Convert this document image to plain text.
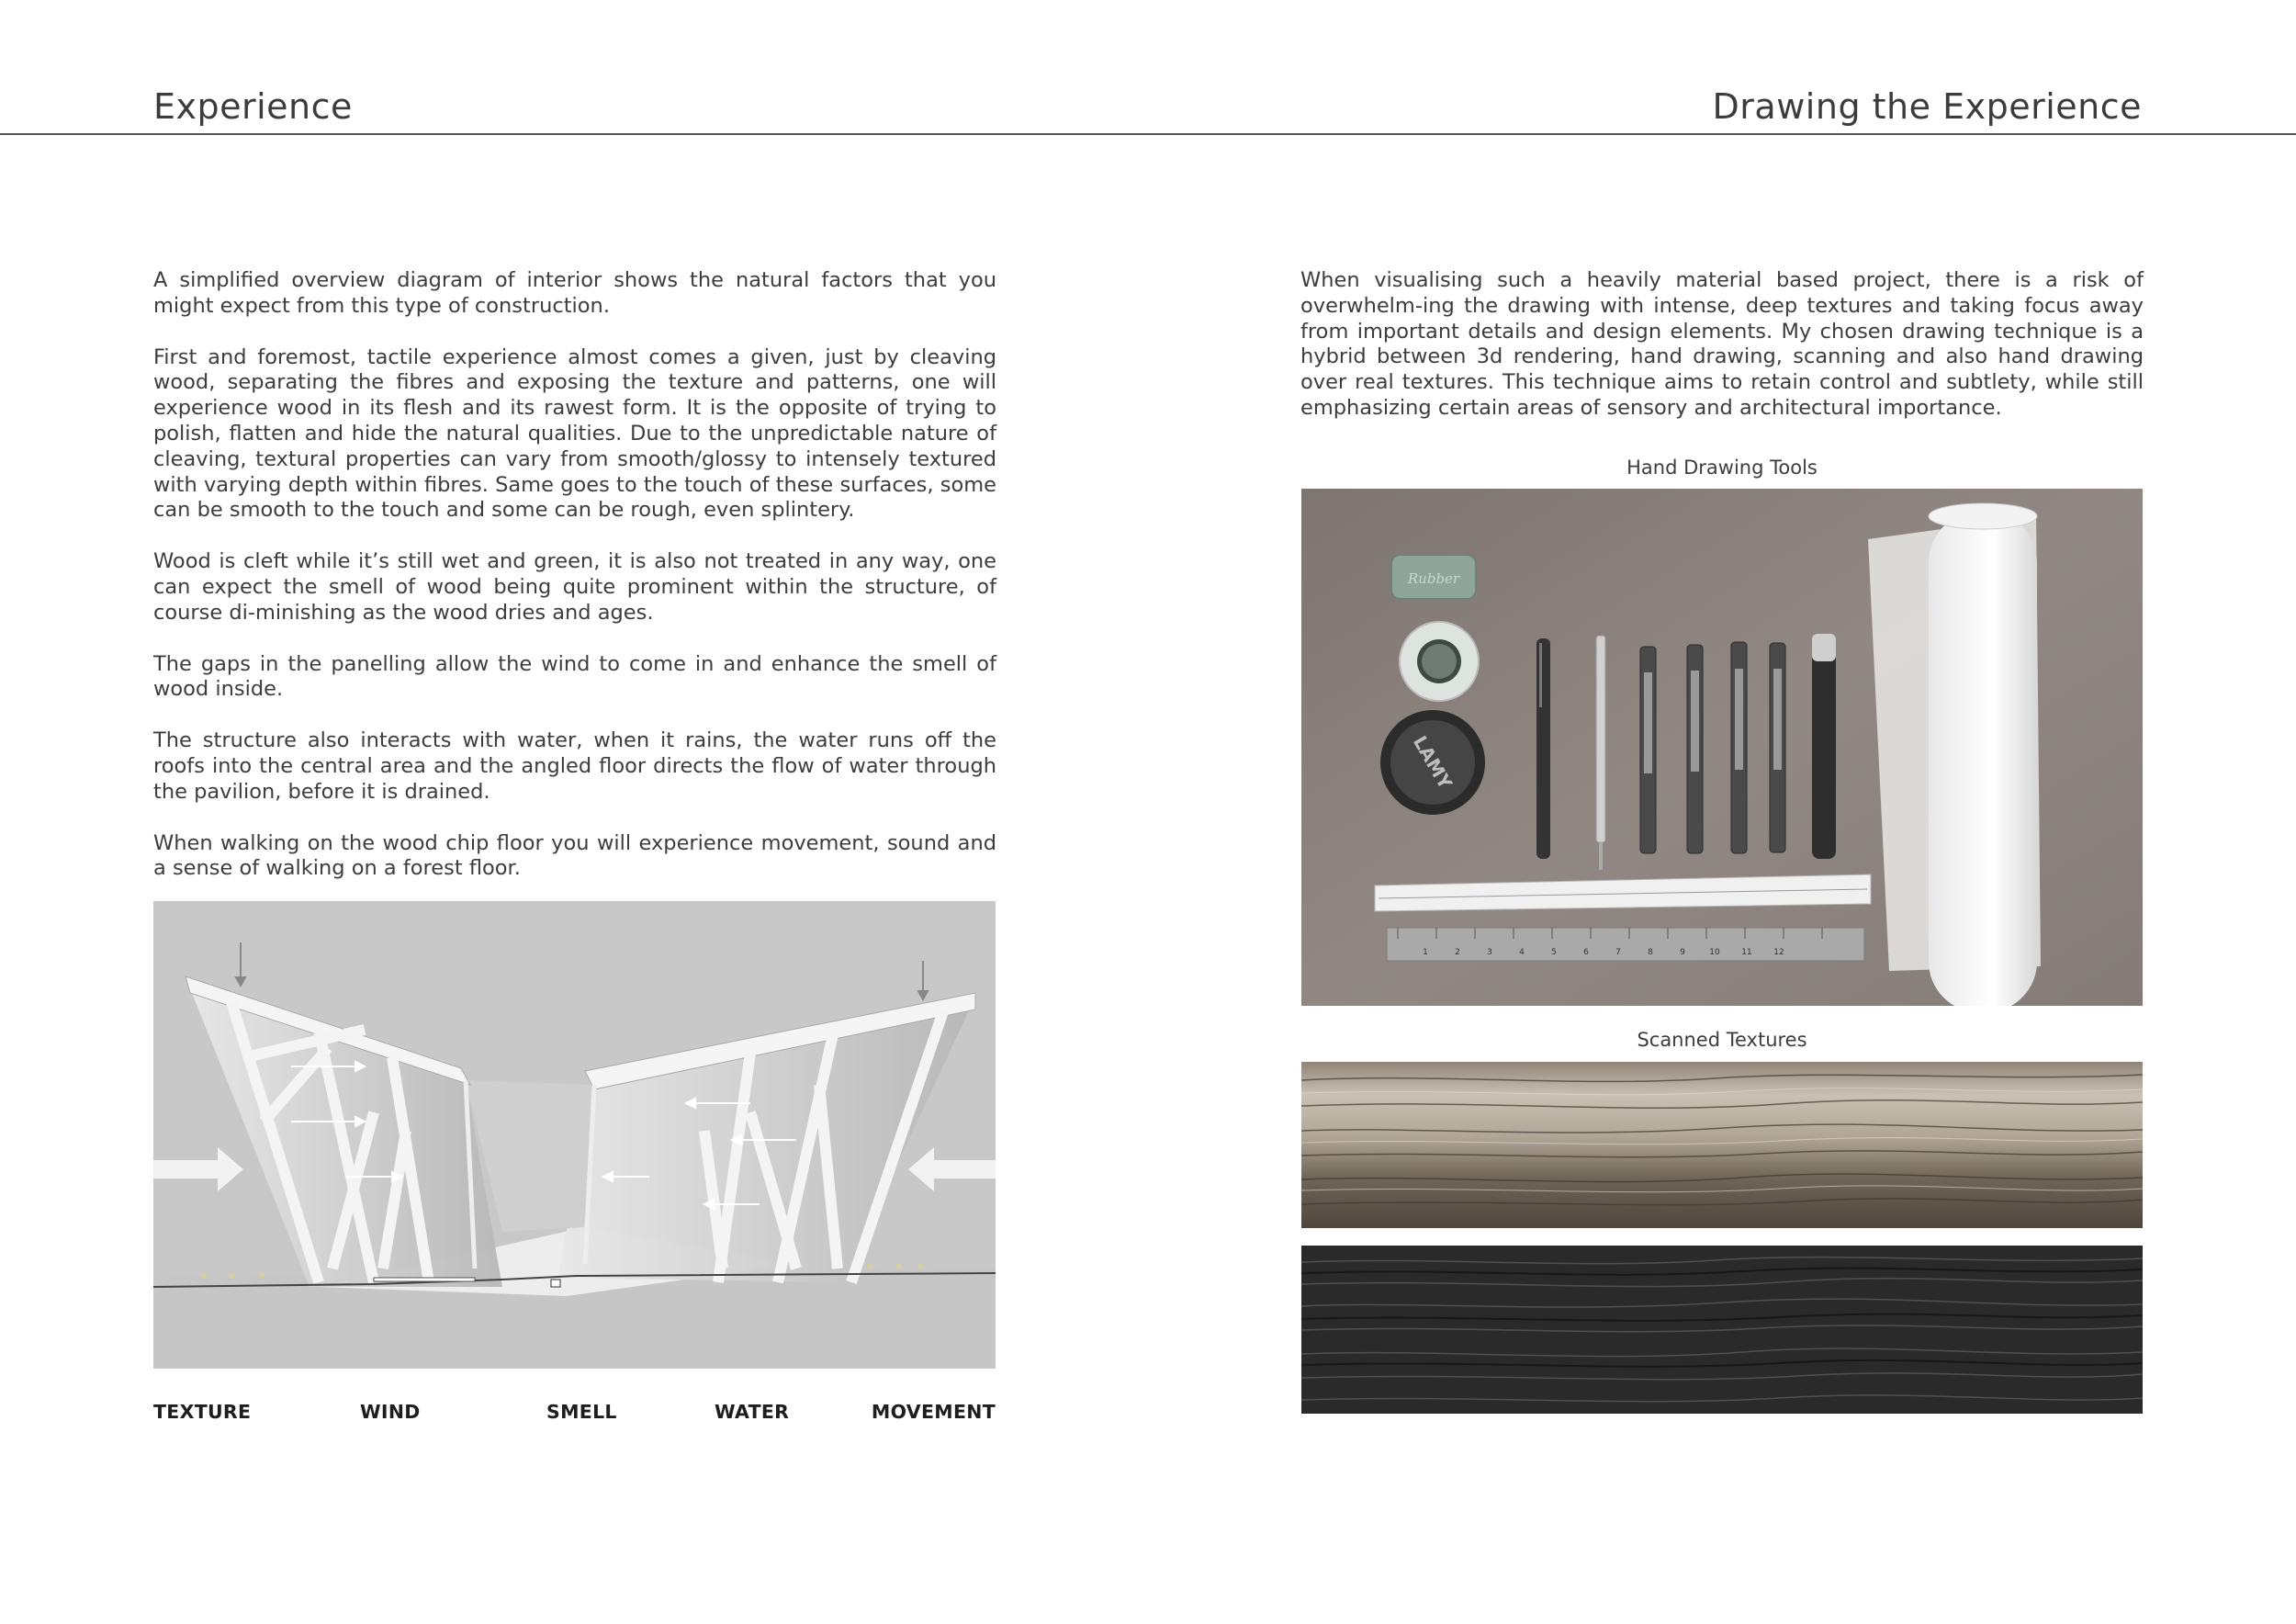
Experience	Drawing the Experience

A simplified overview diagram of interior shows the natural factors that you might expect from this type of construction.

First and foremost, tactile experience almost comes a given, just by cleaving wood, separating the fibres and exposing the texture and patterns, one will experience wood in its flesh and its rawest form. It is the opposite of trying to polish, flatten and hide the natural qualities. Due to the unpredictable nature of cleaving, textural properties can vary from smooth/glossy to intensely textured with varying depth within fibres. Same goes to the touch of these surfaces, some can be smooth to the touch and some can be rough, even splintery.

Wood is cleft while it’s still wet and green, it is also not treated in any way, one can expect the smell of wood being quite prominent within the structure, of course di-minishing as the wood dries and ages.

The gaps in the panelling allow the wind to come in and enhance the smell of wood inside.

The structure also interacts with water, when it rains, the water runs off the roofs into the central area and the angled floor directs the flow of water through the pavilion, before it is drained.

When walking on the wood chip floor you will experience movement, sound and a sense of walking on a forest floor.

TEXTURE	WIND	SMELL	WATER	MOVEMENT

When visualising such a heavily material based project, there is a risk of overwhelm-ing the drawing with intense, deep textures and taking focus away from important details and design elements. My chosen drawing technique is a hybrid between 3d rendering, hand drawing, scanning and also hand drawing over real textures. This technique aims to retain control and subtlety, while still emphasizing certain areas of sensory and architectural importance.

Hand Drawing Tools
Rubber
LAMY
2	3	4	5	6	7	8	9	10	11	12
1
Scanned Textures
